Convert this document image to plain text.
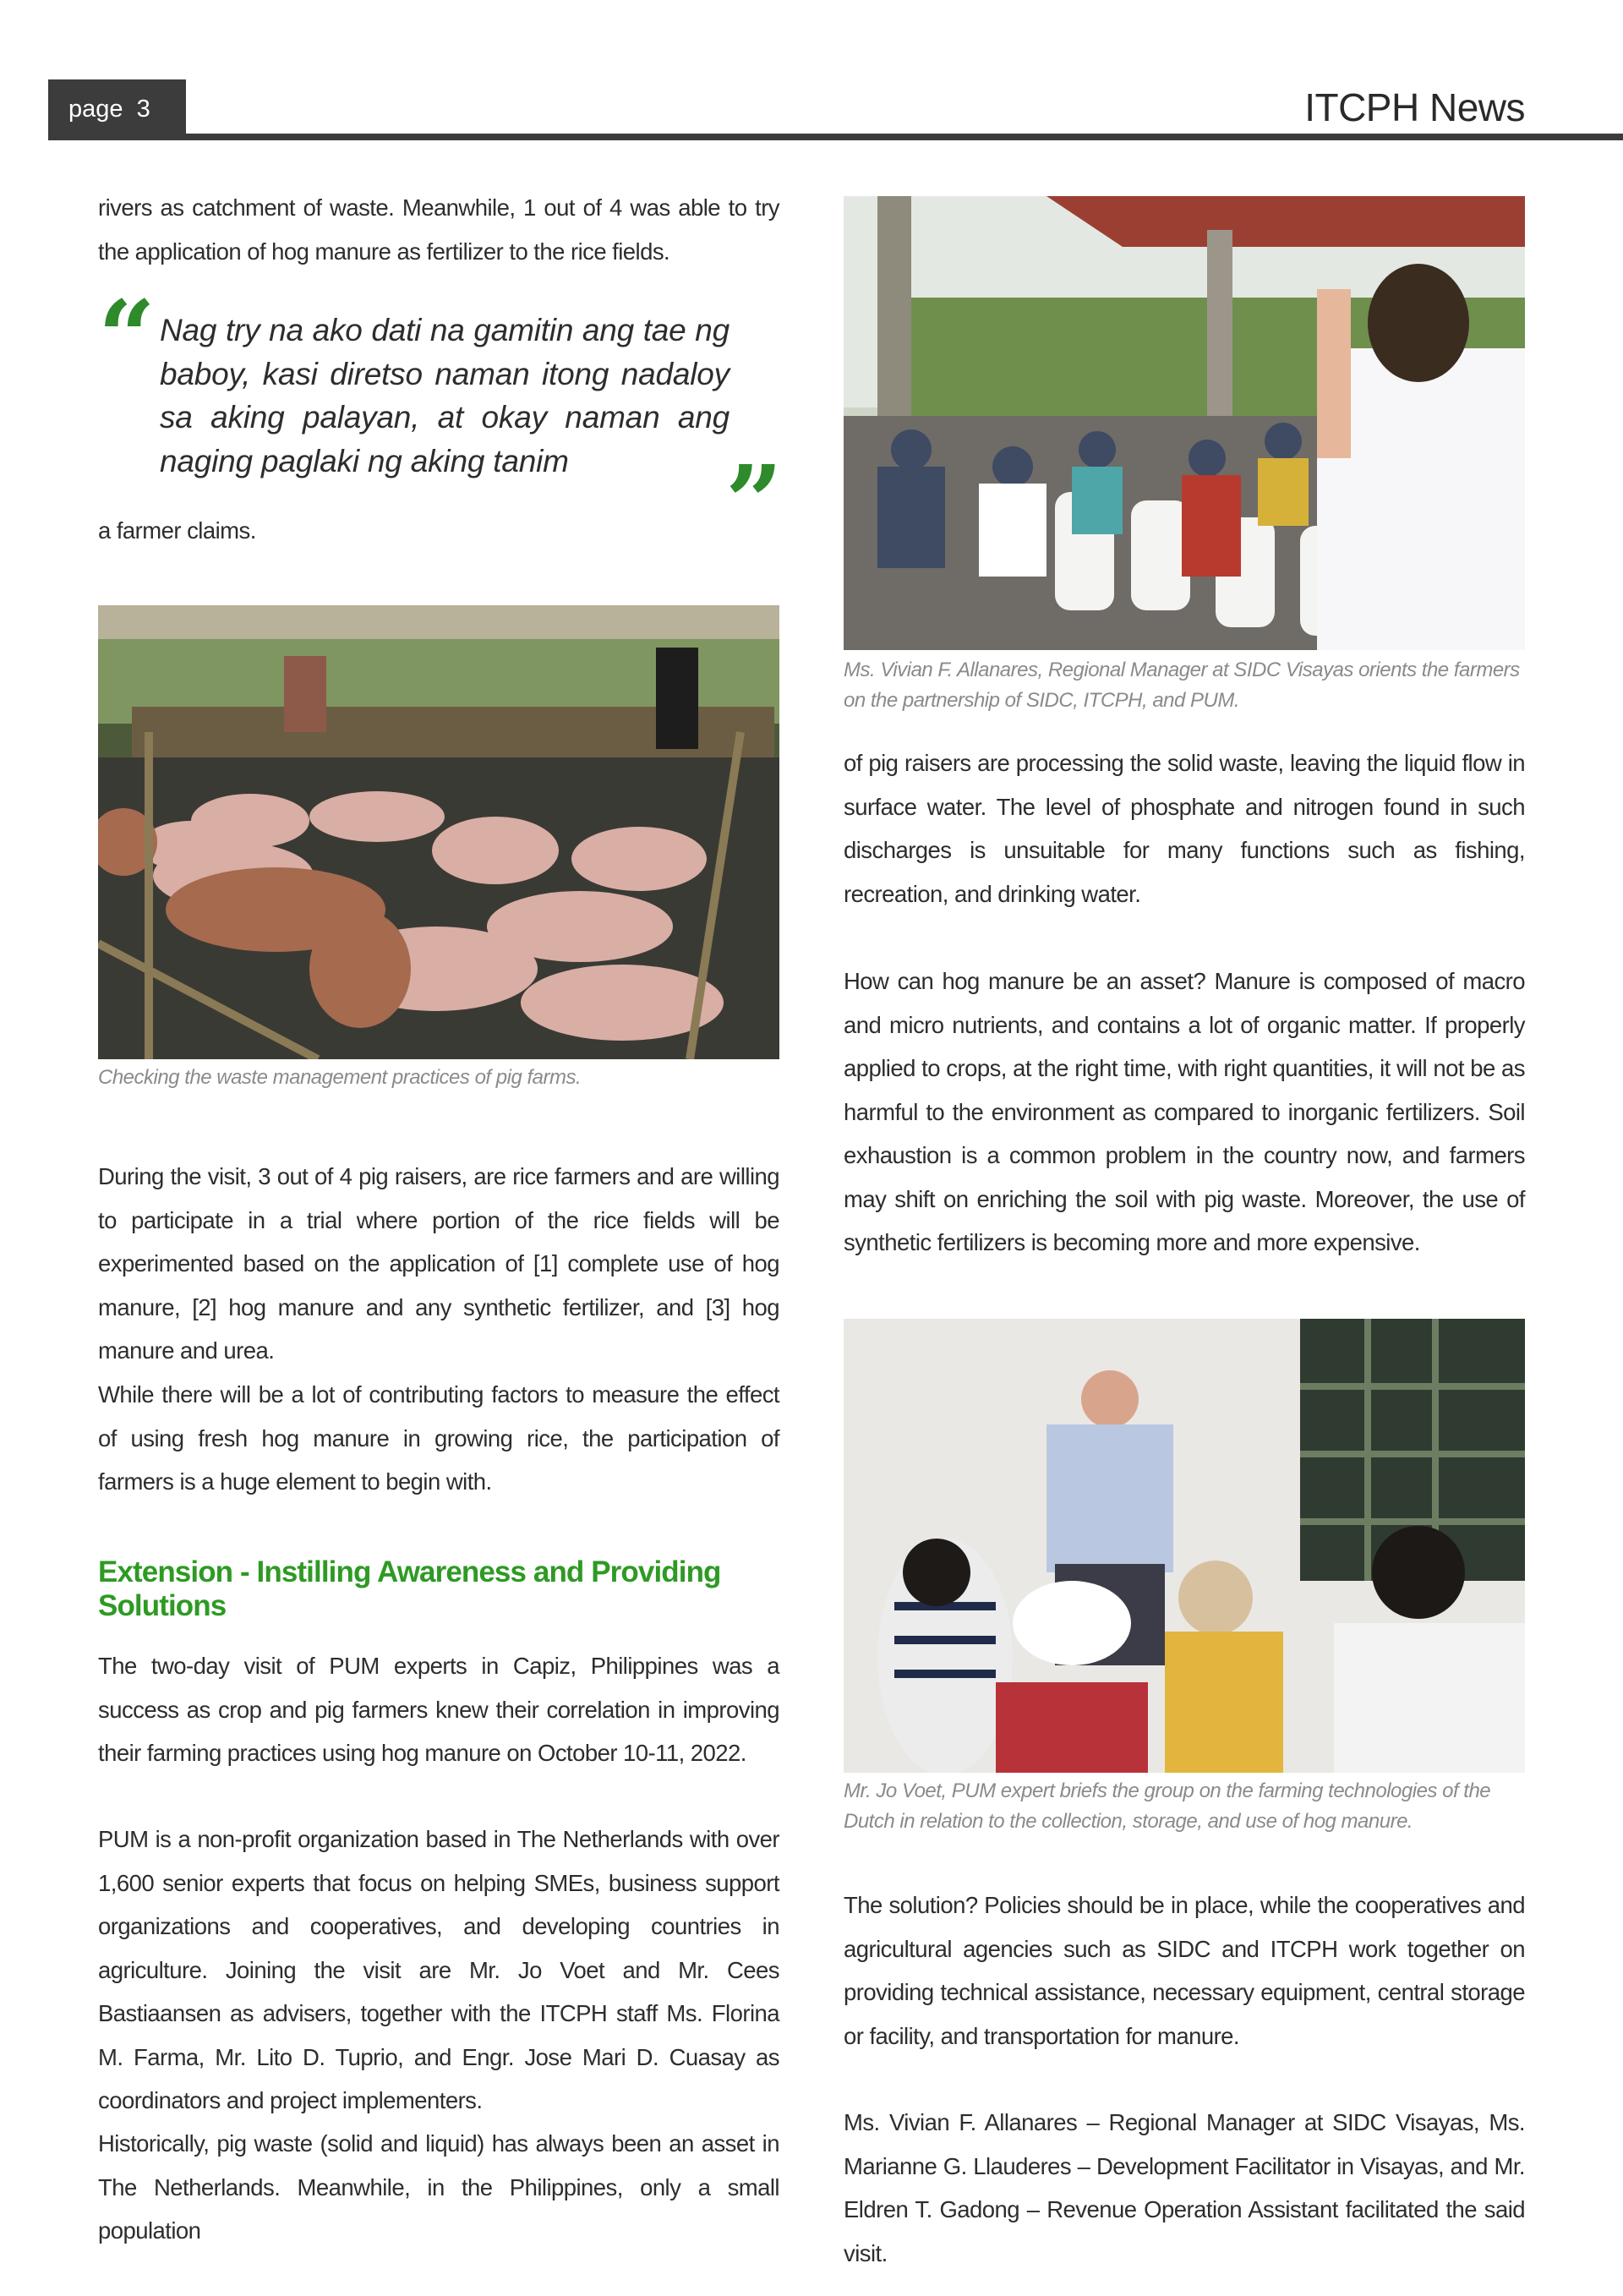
page
3	ITCPH News

rivers as catchment of waste. Meanwhile, 1 out of 4 was able to try the application of hog manure as fertilizer to the rice fields.

“ Nag try na ako dati na gamitin ang tae ng baboy, kasi diretso naman itong nadaloy sa aking palayan, at okay naman ang naging paglaki ng aking tanim	”

a farmer claims.

Checking the waste management practices of pig farms.

During the visit, 3 out of 4 pig raisers, are rice farmers and are willing to participate in a trial where portion of the rice fields will be experimented based on the application of [1] complete use of hog manure, [2] hog manure and any synthetic fertilizer, and [3] hog manure and urea.

While there will be a lot of contributing factors to measure the effect of using fresh hog manure in growing rice, the participation of farmers is a huge element to begin with.

Extension - Instilling Awareness and Providing Solutions

The two-day visit of PUM experts in Capiz, Philippines was a success as crop and pig farmers knew their correlation in improving their farming practices using hog manure on October 10-11, 2022.

PUM is a non-profit organization based in The Netherlands with over 1,600 senior experts that focus on helping SMEs, business support organizations and cooperatives, and developing countries in agriculture. Joining the visit are Mr. Jo Voet and Mr. Cees Bastiaansen as advisers, together with the ITCPH staff Ms. Florina M. Farma, Mr. Lito D. Tuprio, and Engr. Jose Mari D. Cuasay as coordinators and project implementers.

Historically, pig waste (solid and liquid) has always been an asset in The Netherlands. Meanwhile, in the Philippines, only a small population

Ms. Vivian F. Allanares, Regional Manager at SIDC Visayas orients the farmers on the partnership of SIDC, ITCPH, and PUM.

of pig raisers are processing the solid waste, leaving the liquid flow in surface water. The level of phosphate and nitrogen found in such discharges is unsuitable for many functions such as fishing, recreation, and drinking water.

How can hog manure be an asset? Manure is composed of macro and micro nutrients, and contains a lot of organic matter. If properly applied to crops, at the right time, with right quantities, it will not be as harmful to the environment as compared to inorganic fertilizers. Soil exhaustion is a common problem in the country now, and farmers may shift on enriching the soil with pig waste. Moreover, the use of synthetic fertilizers is becoming more and more expensive.

Mr. Jo Voet, PUM expert briefs the group on the farming technologies of the Dutch in relation to the collection, storage, and use of hog manure.

The solution? Policies should be in place, while the cooperatives and agricultural agencies such as SIDC and ITCPH work together on providing technical assistance, necessary equipment, central storage or facility, and transportation for manure.

Ms. Vivian F. Allanares – Regional Manager at SIDC Visayas, Ms. Marianne G. Llauderes – Development Facilitator in Visayas, and Mr. Eldren T. Gadong – Revenue Operation Assistant facilitated the said visit.
